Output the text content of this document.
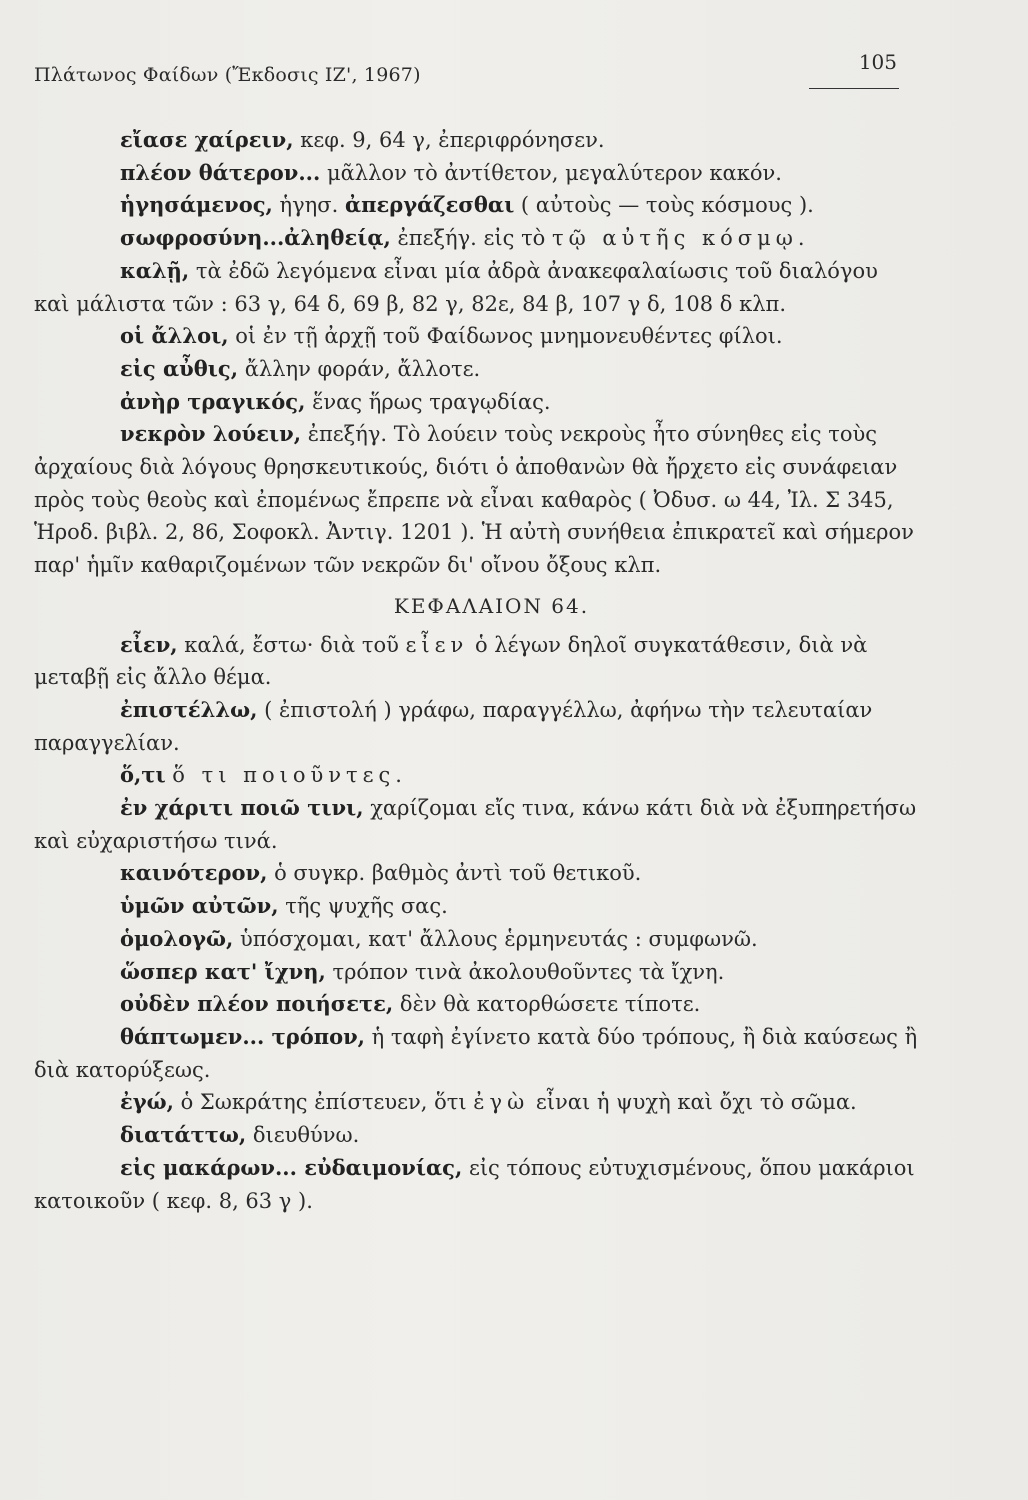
Πλάτωνος Φαίδων (Ἔκδοσις ΙΖ', 1967)
105

εἴασε χαίρειν, κεφ. 9, 64 γ, ἐπεριφρόνησεν.

πλέον θάτερον... μᾶλλον τὸ ἀντίθετον, μεγαλύτερον κακόν.

ἡγησάμενος, ἡγησ. ἀπεργάζεσθαι ( αὐτοὺς — τοὺς κόσμους ).

σωφροσύνη...ἀληθείᾳ, ἐπεξήγ. εἰς τὸ τῷ αὐτῆς κόσμῳ.

καλῇ, τὰ ἐδῶ λεγόμενα εἶναι μία ἀδρὰ ἀνακεφαλαίωσις τοῦ διαλόγου καὶ μάλιστα τῶν : 63 γ, 64 δ, 69 β, 82 γ, 82ε, 84 β, 107 γ δ, 108 δ κλπ.

οἱ ἄλλοι, οἱ ἐν τῇ ἀρχῇ τοῦ Φαίδωνος μνημονευθέντες φίλοι.

εἰς αὖθις, ἄλλην φοράν, ἄλλοτε.

ἀνὴρ τραγικός, ἕνας ἥρως τραγῳδίας.

νεκρὸν λούειν, ἐπεξήγ. Τὸ λούειν τοὺς νεκροὺς ἦτο σύνηθες εἰς τοὺς ἀρχαίους διὰ λόγους θρησκευτικούς, διότι ὁ ἀποθανὼν θὰ ἤρχετο εἰς συνάφειαν πρὸς τοὺς θεοὺς καὶ ἐπομένως ἔπρεπε νὰ εἶναι καθαρὸς ( Ὀδυσ. ω 44, Ἰλ. Σ 345, Ἡροδ. βιβλ. 2, 86, Σοφοκλ. Ἀντιγ. 1201 ). Ἡ αὐτὴ συνήθεια ἐπικρατεῖ καὶ σήμερον παρ' ἡμῖν καθαριζομένων τῶν νεκρῶν δι' οἴνου ὄξους κλπ.

ΚΕΦΑΛΑΙΟΝ 64.

εἶεν, καλά, ἔστω· διὰ τοῦ εἶεν ὁ λέγων δηλοῖ συγκατάθεσιν, διὰ νὰ μεταβῇ εἰς ἄλλο θέμα.

ἐπιστέλλω, ( ἐπιστολή ) γράφω, παραγγέλλω, ἀφήνω τὴν τελευταίαν παραγγελίαν.

ὅ,τι ὅ τι ποιοῦντες.

ἐν χάριτι ποιῶ τινι, χαρίζομαι εἴς τινα, κάνω κάτι διὰ νὰ ἐξυπηρετήσω καὶ εὐχαριστήσω τινά.

καινότερον, ὁ συγκρ. βαθμὸς ἀντὶ τοῦ θετικοῦ.

ὑμῶν αὐτῶν, τῆς ψυχῆς σας.

ὁμολογῶ, ὑπόσχομαι, κατ' ἄλλους ἑρμηνευτάς : συμφωνῶ.

ὥσπερ κατ' ἴχνη, τρόπον τινὰ ἀκολουθοῦντες τὰ ἴχνη.

οὐδὲν πλέον ποιήσετε, δὲν θὰ κατορθώσετε τίποτε.

θάπτωμεν... τρόπον, ἡ ταφὴ ἐγίνετο κατὰ δύο τρόπους, ἢ διὰ καύσεως ἢ διὰ κατορύξεως.

ἐγώ, ὁ Σωκράτης ἐπίστευεν, ὅτι ἐγὼ εἶναι ἡ ψυχὴ καὶ ὄχι τὸ σῶμα.

διατάττω, διευθύνω.

εἰς μακάρων... εὐδαιμονίας, εἰς τόπους εὐτυχισμένους, ὅπου μακάριοι κατοικοῦν ( κεφ. 8, 63 γ ).
